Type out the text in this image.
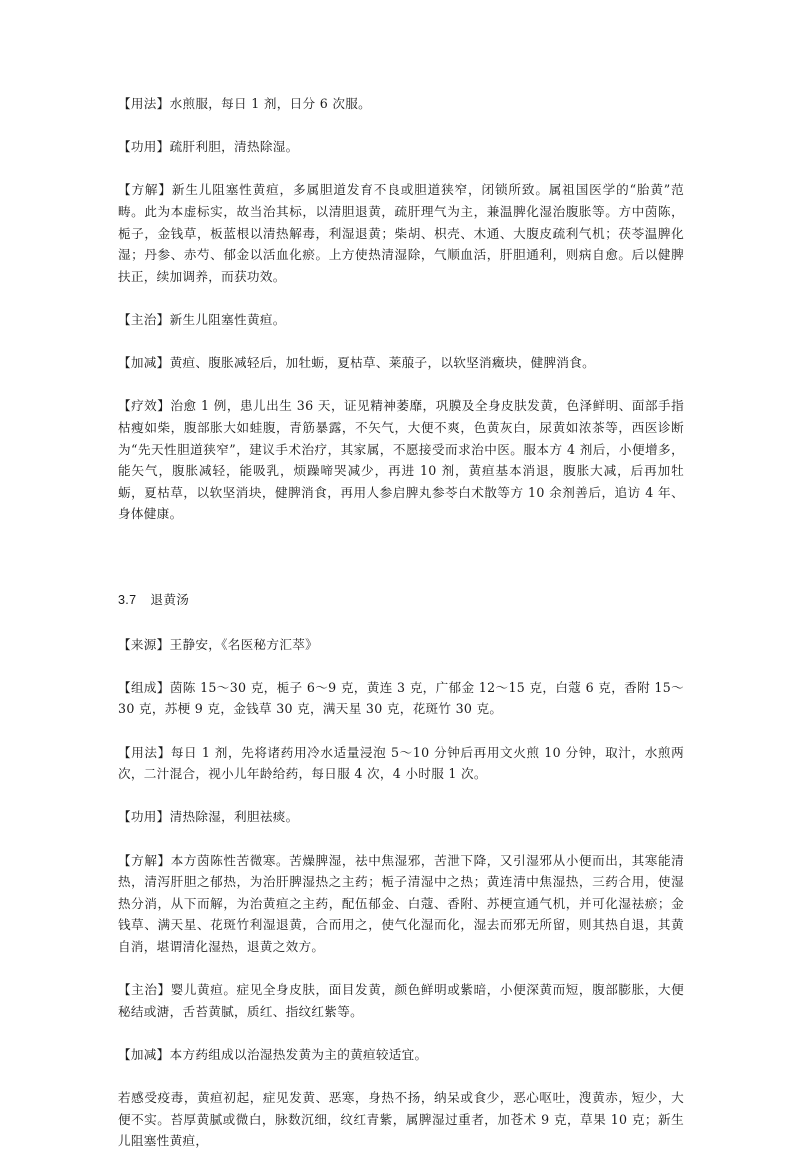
【用法】水煎服，每日 1 剂，日分 6 次服。

【功用】疏肝利胆，清热除湿。

【方解】新生儿阻塞性黄疸，多属胆道发育不良或胆道狭窄，闭锁所致。属祖国医学的“胎黄”范畴。此为本虚标实，故当治其标，以清胆退黄，疏肝理气为主，兼温脾化湿治腹胀等。方中茵陈，栀子，金钱草，板蓝根以清热解毒，利湿退黄；柴胡、枳壳、木通、大腹皮疏利气机；茯苓温脾化湿；丹参、赤芍、郁金以活血化瘀。上方使热清湿除，气顺血活，肝胆通利，则病自愈。后以健脾扶正，续加调养，而获功效。

【主治】新生儿阻塞性黄疸。

【加减】黄疸、腹胀减轻后，加牡蛎，夏枯草、莱菔子，以软坚消癥块，健脾消食。

【疗效】治愈 1 例，患儿出生 36 天，证见精神萎靡，巩膜及全身皮肤发黄，色泽鲜明、面部手指枯瘦如柴，腹部胀大如蛙腹，青筋暴露，不矢气，大便不爽，色黄灰白，尿黄如浓茶等，西医诊断为“先天性胆道狭窄”，建议手术治疗，其家属，不愿接受而求治中医。服本方 4 剂后，小便增多，能矢气，腹胀减轻，能吸乳，烦躁啼哭减少，再进 10 剂，黄疸基本消退，腹胀大减，后再加牡蛎，夏枯草，以软坚消块，健脾消食，再用人参启脾丸参苓白术散等方 10 余剂善后，追访 4 年、身体健康。

3.7 退黄汤

【来源】王静安，《名医秘方汇萃》

【组成】茵陈 15～30 克，栀子 6～9 克，黄连 3 克，广郁金 12～15 克，白蔻 6 克，香附 15～30 克，苏梗 9 克，金钱草 30 克，满天星 30 克，花斑竹 30 克。

【用法】每日 1 剂，先将诸药用冷水适量浸泡 5～10 分钟后再用文火煎 10 分钟，取汁，水煎两次，二汁混合，视小儿年龄给药，每日服 4 次，4 小时服 1 次。

【功用】清热除湿，利胆祛痰。

【方解】本方茵陈性苦微寒。苦燥脾湿，祛中焦湿邪，苦泄下降，又引湿邪从小便而出，其寒能清热，清泻肝胆之郁热，为治肝脾湿热之主药；栀子清湿中之热；黄连清中焦湿热，三药合用，使湿热分消，从下而解，为治黄疸之主药，配伍郁金、白蔻、香附、苏梗宣通气机，并可化湿祛瘀；金钱草、满天星、花斑竹利湿退黄，合而用之，使气化湿而化，湿去而邪无所留，则其热自退，其黄自消，堪谓清化湿热，退黄之效方。

【主治】婴儿黄疸。症见全身皮肤，面目发黄，颜色鲜明或紫暗，小便深黄而短，腹部膨胀，大便秘结或溏，舌苔黄腻，质红、指纹红紫等。

【加减】本方药组成以治湿热发黄为主的黄疸较适宜。

若感受疫毒，黄疸初起，症见发黄、恶寒，身热不扬，纳呆或食少，恶心呕吐，溲黄赤，短少，大便不实。苔厚黄腻或微白，脉数沉细，纹红青紫，属脾湿过重者，加苍术 9 克，草果 10 克；新生儿阻塞性黄疸，
